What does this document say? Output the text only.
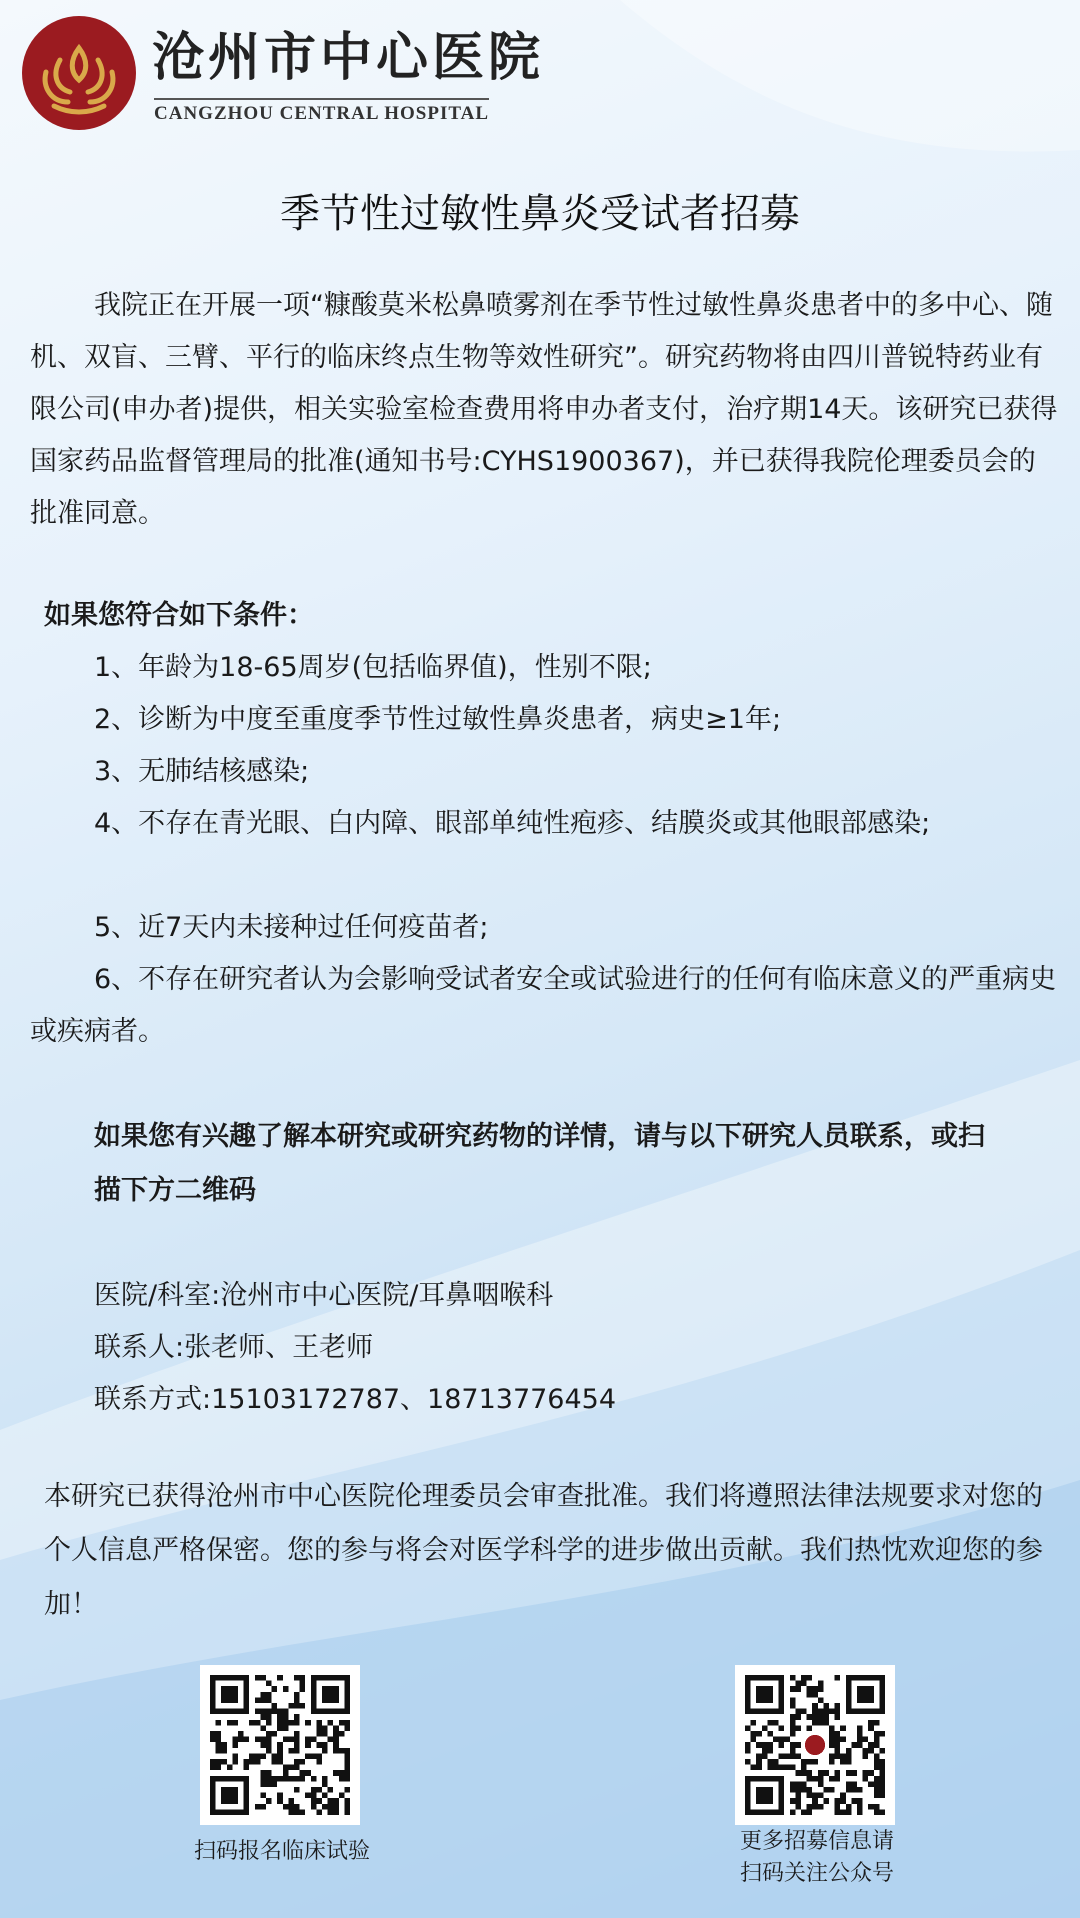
沧州市中心医院
CANGZHOU CENTRAL HOSPITAL
季节性过敏性鼻炎受试者招募
我院正在开展一项“糠酸莫米松鼻喷雾剂在季节性过敏性鼻炎患者中的多中心、随机、双盲、三臂、平行的临床终点生物等效性研究”。研究药物将由四川普锐特药业有限公司(申办者)提供，相关实验室检查费用将申办者支付，治疗期14天。该研究已获得国家药品监督管理局的批准(通知书号:CYHS1900367)，并已获得我院伦理委员会的批准同意。
如果您符合如下条件：
1、年龄为18-65周岁(包括临界值)，性别不限;
2、诊断为中度至重度季节性过敏性鼻炎患者，病史≥1年;
3、无肺结核感染;
4、不存在青光眼、白内障、眼部单纯性疱疹、结膜炎或其他眼部感染;
5、近7天内未接种过任何疫苗者;
6、不存在研究者认为会影响受试者安全或试验进行的任何有临床意义的严重病史或疾病者。
如果您有兴趣了解本研究或研究药物的详情，请与以下研究人员联系，或扫描下方二维码
医院/科室:沧州市中心医院/耳鼻咽喉科
联系人:张老师、王老师
联系方式:15103172787、18713776454
本研究已获得沧州市中心医院伦理委员会审查批准。我们将遵照法律法规要求对您的个人信息严格保密。您的参与将会对医学科学的进步做出贡献。我们热忱欢迎您的参加！
扫码报名临床试验	更多招募信息请
扫码关注公众号
